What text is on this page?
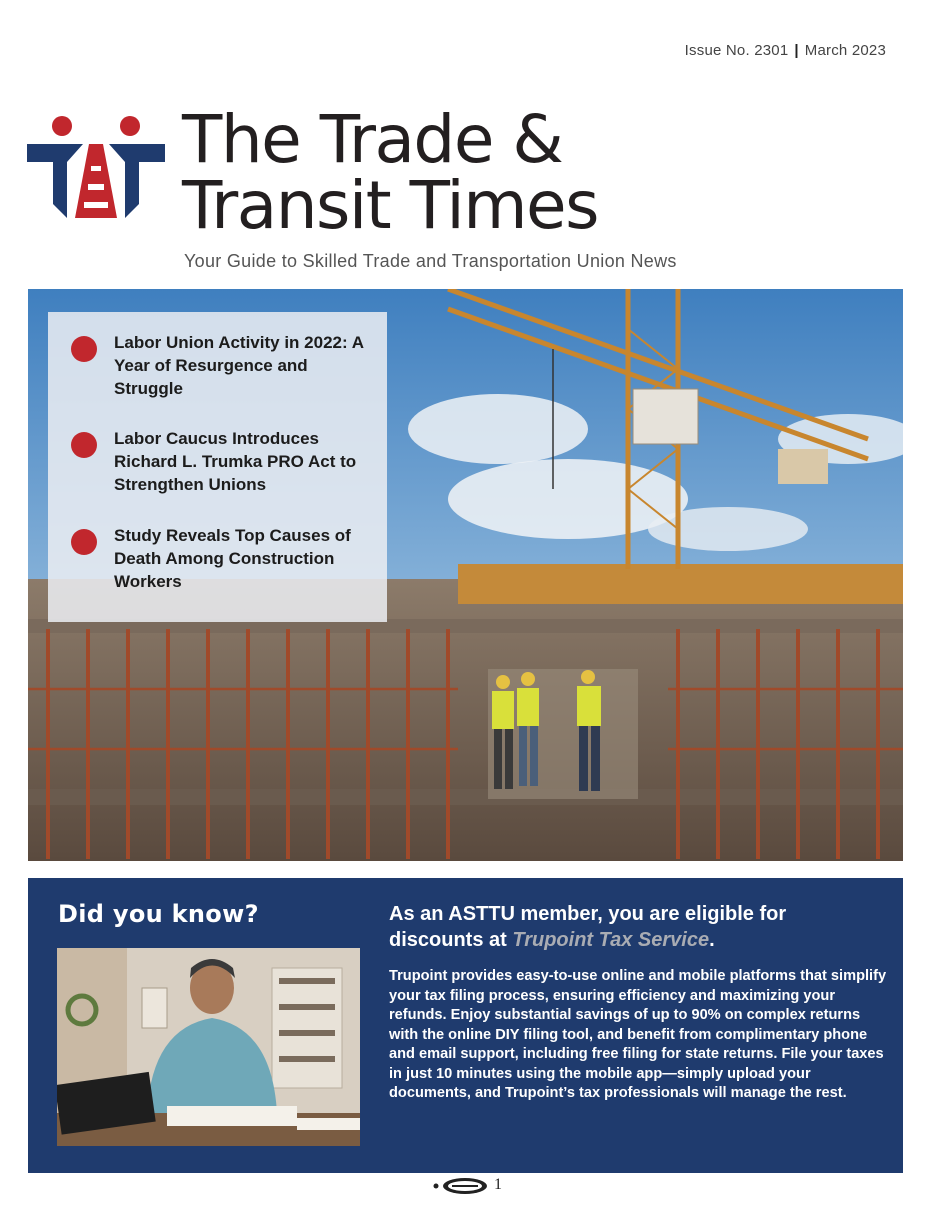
Issue No. 2301 | March 2023
The Trade &
Transit Times
Your Guide to Skilled Trade and Transportation Union News
Labor Union Activity in 2022: A Year of Resurgence and Struggle
Labor Caucus Introduces Richard L. Trumka PRO Act to Strengthen Unions
Study Reveals Top Causes of Death Among Construction Workers
Did you know?	As an ASTTU member, you are eligible for discounts at Trupoint Tax Service.
Trupoint provides easy-to-use online and mobile platforms that simplify your tax filing process, ensuring efficiency and maximizing your refunds. Enjoy substantial savings of up to 90% on complex returns with the online DIY filing tool, and benefit from complimentary phone and email support, including free filing for state returns. File your taxes in just 10 minutes using the mobile app—simply upload your documents, and Trupoint’s tax professionals will manage the rest.
1
